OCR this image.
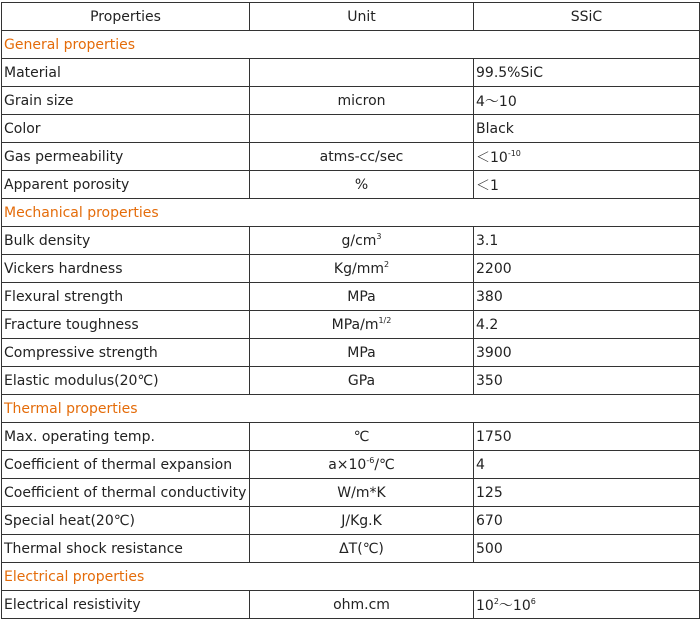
Properties	Unit	SSiC
General properties		
Material		99.5%SiC
Grain size	micron	4～10
Color		Black
Gas permeability	atms-cc/sec	$<10^{-10}$
Apparent porosity	%	＜1
Mechanical properties		
Bulk density	$g/cm^3$	3.1
Vickers hardness	$Kg/mm^2$	2200
Flexural strength	MPa	380
Fracture toughness	MPa/$m^{1/2}$	4.2
Compressive strength	MPa	3900
Elastic modulus(20℃)	GPa	350
Thermal properties		
Max. operating temp.	℃	1750
Coefficient of thermal expansion	$a\times 10^{-6}/℃$	4
Coefficient of thermal conductivity	W/m*K	125
Special heat(20℃)	J/Kg.K	670
Thermal shock resistance	ΔT(℃)	500
Electrical properties		
Electrical resistivity	ohm.cm	$10^2\sim 10^6$
